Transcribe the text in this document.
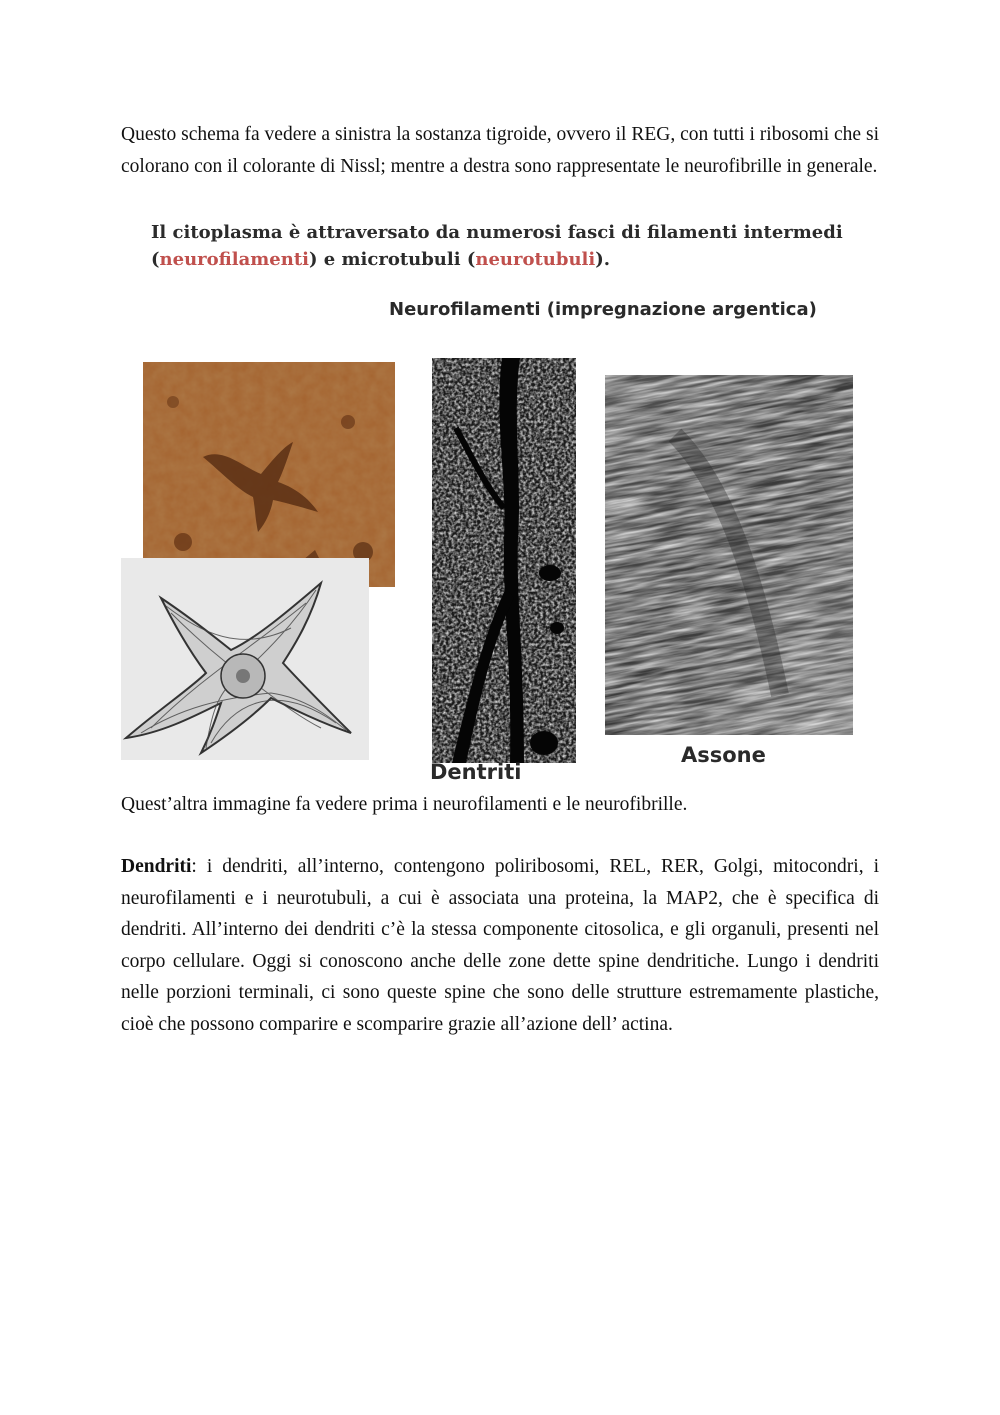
Questo schema fa vedere a sinistra la sostanza tigroide, ovvero il REG, con tutti i ribosomi che si colorano con il colorante di Nissl; mentre a destra sono rappresentate le neurofibrille in generale.

Il citoplasma è attraversato da numerosi fasci di filamenti intermedi
(neurofilamenti) e microtubuli (neurotubuli).

Neurofilamenti (impregnazione argentica)
Dentriti
Assone

Quest’altra immagine fa vedere prima i neurofilamenti e le neurofibrille.

Dendriti: i dendriti, all’interno, contengono poliribosomi, REL, RER, Golgi, mitocondri, i neurofilamenti e i neurotubuli, a cui è associata una proteina, la MAP2, che è specifica di dendriti. All’interno dei dendriti c’è la stessa componente citosolica, e gli organuli, presenti nel corpo cellulare. Oggi si conoscono anche delle zone dette spine dendritiche. Lungo i dendriti nelle porzioni terminali, ci sono queste spine che sono delle strutture estremamente plastiche, cioè che possono comparire e scomparire grazie all’azione dell’ actina.
